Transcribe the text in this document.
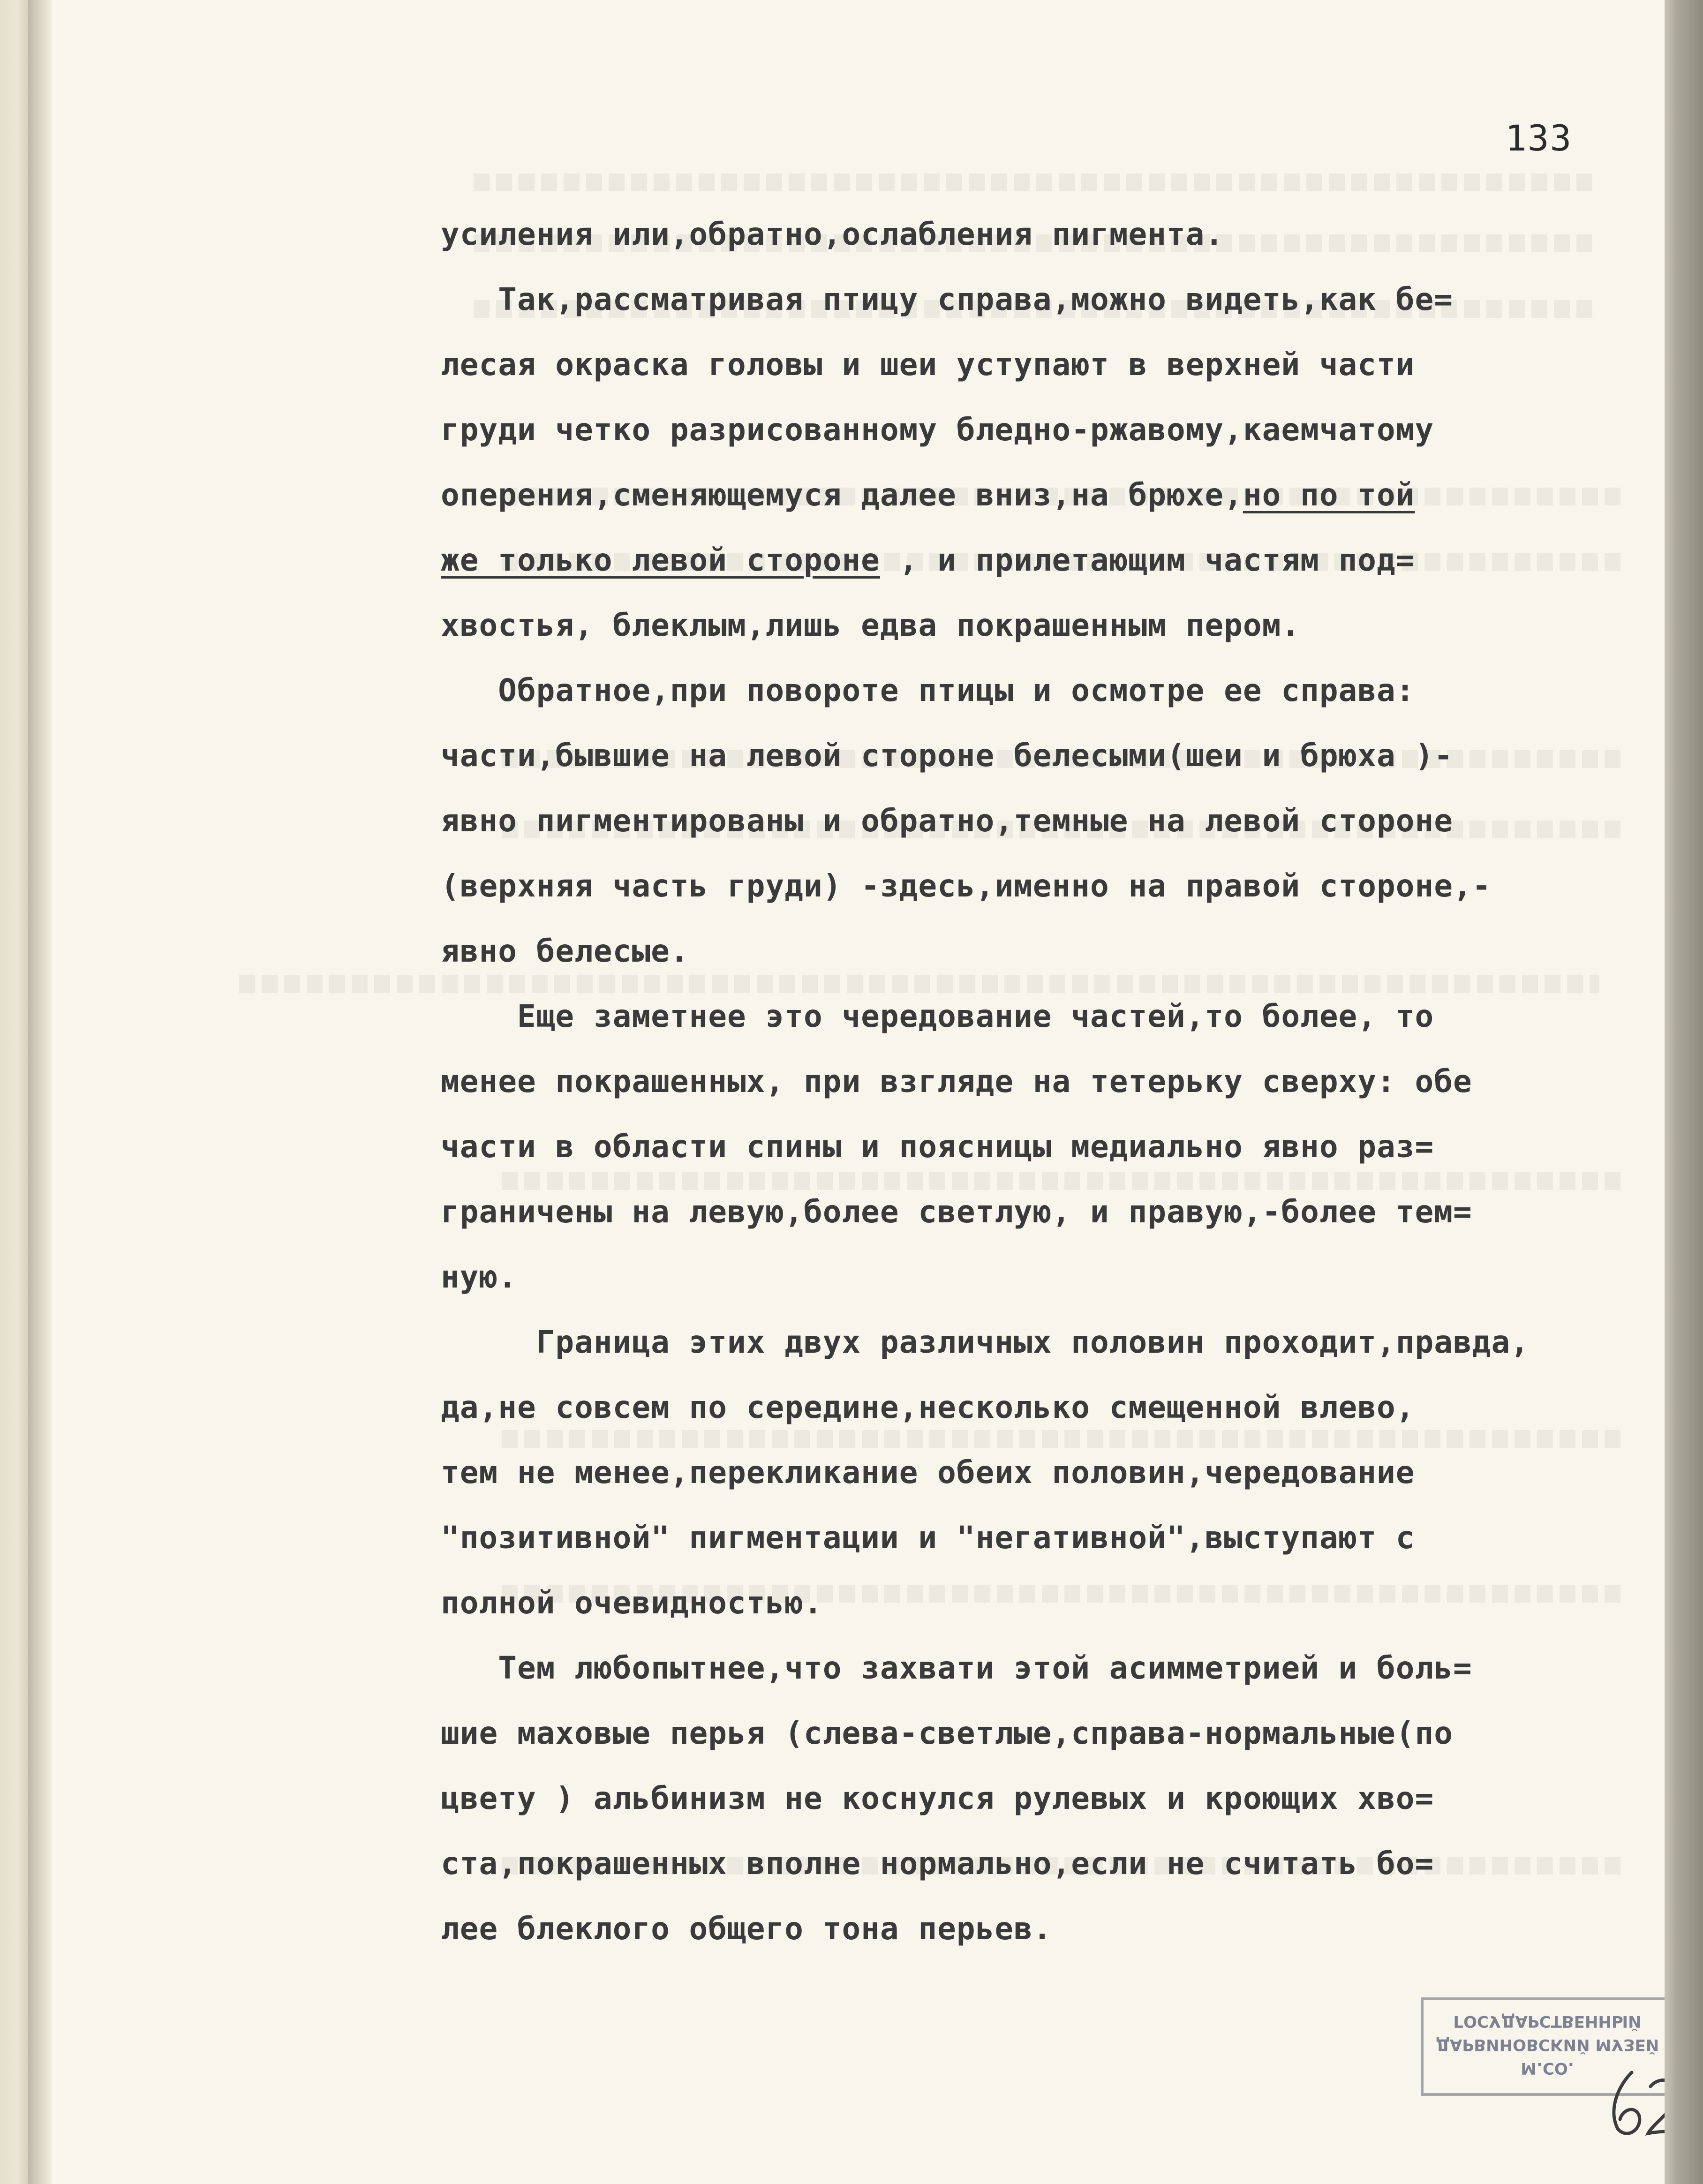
133
усиления или,обратно,ослабления пигмента.
Так,рассматривая птицу справа,можно видеть,как бе=
лесая окраска головы и шеи уступают в верхней части
груди четко разрисованному бледно-ржавому,каемчатому
оперения,сменяющемуся далее вниз,на брюхе,но по той
же только левой стороне , и прилетающим частям под=
хвостья, блеклым,лишь едва покрашенным пером.
Обратное,при повороте птицы и осмотре ее справа:
части,бывшие на левой стороне белесыми(шеи и брюха )-
явно пигментированы и обратно,темные на левой стороне
(верхняя часть груди) -здесь,именно на правой стороне,-
явно белесые.
Еще заметнее это чередование частей,то более, то
менее покрашенных, при взгляде на тетерьку сверху: обе
части в области спины и поясницы медиально явно раз=
граничены на левую,более светлую, и правую,-более тем=
ную.
Граница этих двух различных половин проходит,правда,
да,не совсем по середине,несколько смещенной влево,
тем не менее,перекликание обеих половин,чередование
"позитивной" пигментации и "негативной",выступают с
полной очевидностью.
Тем любопытнее,что захвати этой асимметрией и боль=
шие маховые перья (слева-светлые,справа-нормальные(по
цвету ) альбинизм не коснулся рулевых и кроющих хво=
ста,покрашенных вполне нормально,если не считать бо=
лее блеклого общего тона перьев.
ГОСУДАРСТВЕННЫЙ
ДАРВИНОВСКИЙ МУЗЕЙ
М.СО.
